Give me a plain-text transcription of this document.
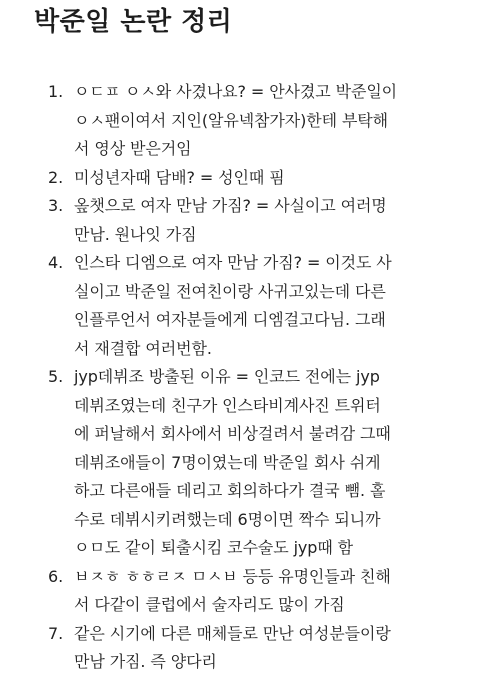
박준일 논란 정리
1. ㅇㄷㅍ ㅇㅅ와 사겼나요? = 안사겼고 박준일이
ㅇㅅ팬이여서 지인(알유넥참가자)한테 부탁해
서 영상 받은거임
2. 미성년자때 담배? = 성인때 핌
3. 옾챗으로 여자 만남 가짐? = 사실이고 여러명
만남. 원나잇 가짐
4. 인스타 디엠으로 여자 만남 가짐? = 이것도 사
실이고 박준일 전여친이랑 사귀고있는데 다른
인플루언서 여자분들에게 디엠걸고다님. 그래
서 재결합 여러번함.
5. jyp데뷔조 방출된 이유 = 인코드 전에는 jyp
데뷔조였는데 친구가 인스타비계사진 트위터
에 퍼날해서 회사에서 비상걸려서 불려감 그때
데뷔조애들이 7명이였는데 박준일 회사 쉬게
하고 다른애들 데리고 회의하다가 결국 뺌. 홀
수로 데뷔시키려했는데 6명이면 짝수 되니까
ㅇㅁ도 같이 퇴출시킴 코수술도 jyp때 함
6. ㅂㅈㅎ ㅎㅎㄹㅈ ㅁㅅㅂ 등등 유명인들과 친해
서 다같이 클럽에서 술자리도 많이 가짐
7. 같은 시기에 다른 매체들로 만난 여성분들이랑
만남 가짐. 즉 양다리
